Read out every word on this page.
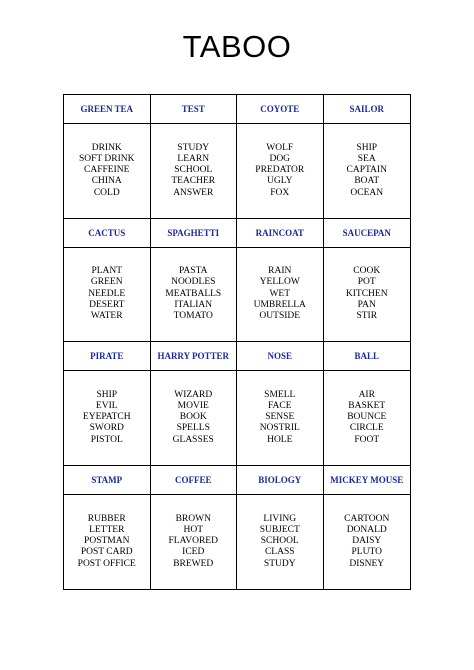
TABOO
GREEN TEA
DRINK
SOFT DRINK
CAFFEINE
CHINA
COLD
TEST
STUDY
LEARN
SCHOOL
TEACHER
ANSWER
COYOTE
WOLF
DOG
PREDATOR
UGLY
FOX
SAILOR
SHIP
SEA
CAPTAIN
BOAT
OCEAN
CACTUS
PLANT
GREEN
NEEDLE
DESERT
WATER
SPAGHETTI
PASTA
NOODLES
MEATBALLS
ITALIAN
TOMATO
RAINCOAT
RAIN
YELLOW
WET
UMBRELLA
OUTSIDE
SAUCEPAN
COOK
POT
KITCHEN
PAN
STIR
PIRATE
SHIP
EVIL
EYEPATCH
SWORD
PISTOL
HARRY POTTER
WIZARD
MOVIE
BOOK
SPELLS
GLASSES
NOSE
SMELL
FACE
SENSE
NOSTRIL
HOLE
BALL
AIR
BASKET
BOUNCE
CIRCLE
FOOT
STAMP
RUBBER
LETTER
POSTMAN
POST CARD
POST OFFICE
COFFEE
BROWN
HOT
FLAVORED
ICED
BREWED
BIOLOGY
LIVING
SUBJECT
SCHOOL
CLASS
STUDY
MICKEY MOUSE
CARTOON
DONALD
DAISY
PLUTO
DISNEY
